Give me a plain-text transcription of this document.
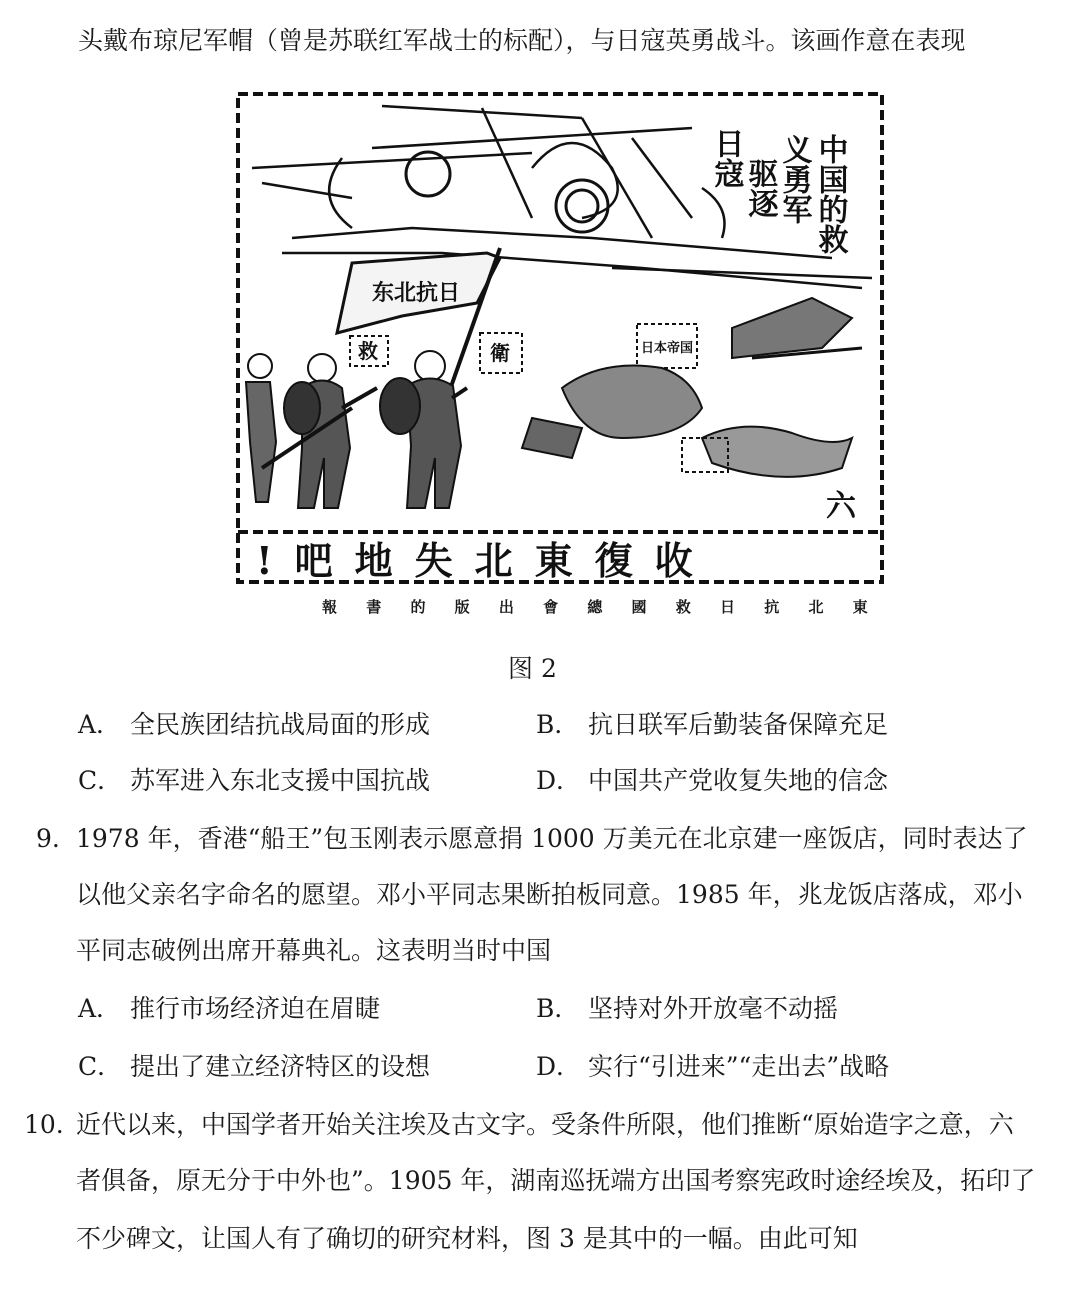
头戴布琼尼军帽（曾是苏联红军战士的标配），与日寇英勇战斗。该画作意在表现
中国的救
义勇军
驱逐
日寇
东北抗日
救	衛	日本帝国
六
!吧地失北東復收
報 書 的 版 出 會 總 國 救 日 抗 北 東
图 2
A． 全民族团结抗战局面的形成	B． 抗日联军后勤装备保障充足
C． 苏军进入东北支援中国抗战	D． 中国共产党收复失地的信念
9. 1978 年，香港“船王”包玉刚表示愿意捐 1000 万美元在北京建一座饭店，同时表达了
以他父亲名字命名的愿望。邓小平同志果断拍板同意。1985 年，兆龙饭店落成，邓小
平同志破例出席开幕典礼。这表明当时中国
A． 推行市场经济迫在眉睫	B． 坚持对外开放毫不动摇
C． 提出了建立经济特区的设想	D． 实行“引进来”“走出去”战略
10. 近代以来，中国学者开始关注埃及古文字。受条件所限，他们推断“原始造字之意，六
者俱备，原无分于中外也”。1905 年，湖南巡抚端方出国考察宪政时途经埃及，拓印了
不少碑文，让国人有了确切的研究材料，图 3 是其中的一幅。由此可知
